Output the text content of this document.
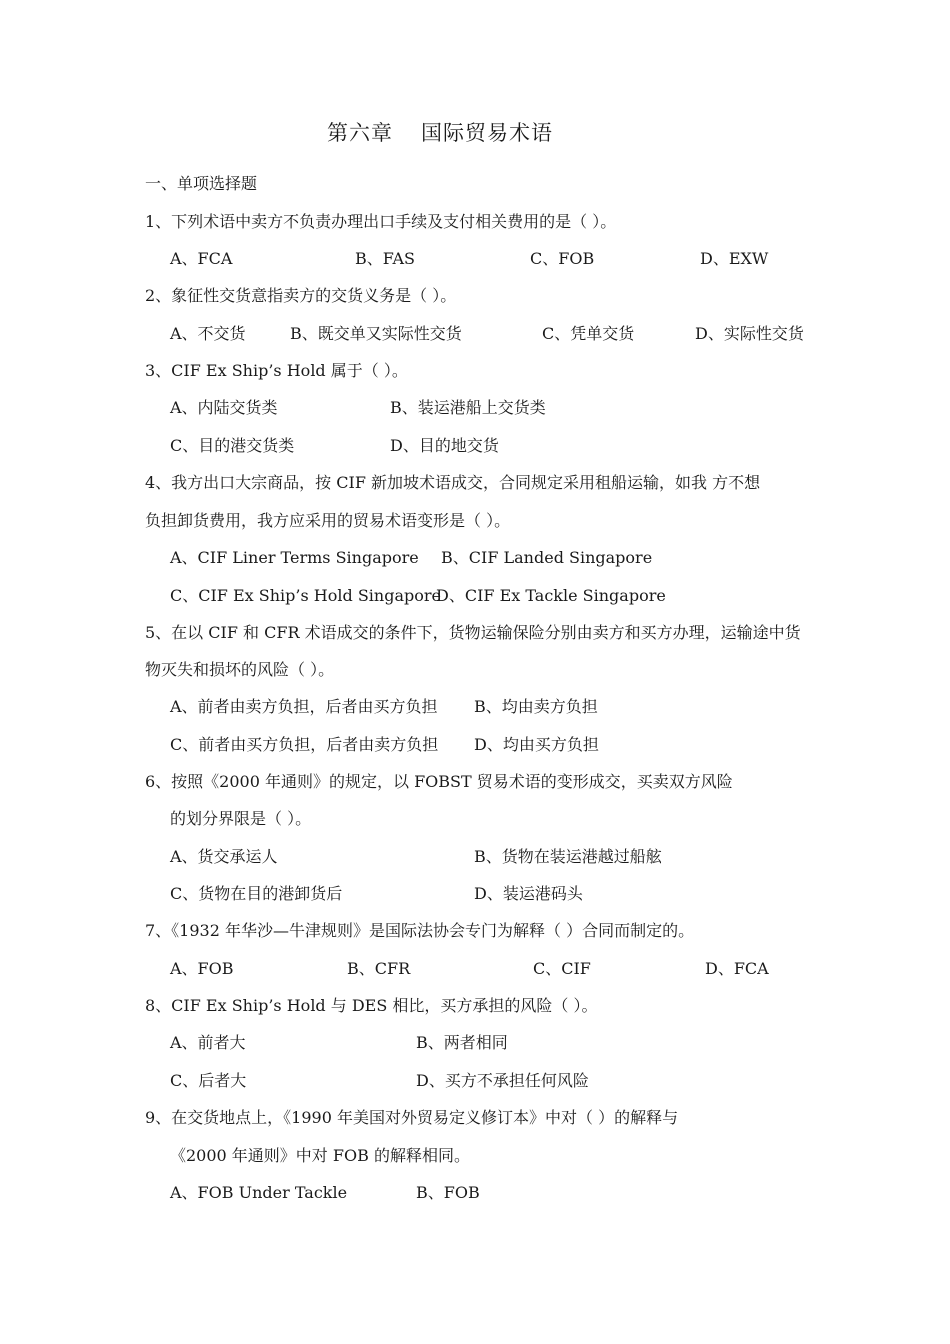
第六章 国际贸易术语
一、单项选择题
1、下列术语中卖方不负责办理出口手续及支付相关费用的是（ ）。
A、FCA	B、FAS	C、FOB	D、EXW
2、象征性交货意指卖方的交货义务是（ ）。
A、不交货	B、既交单又实际性交货	C、凭单交货	D、实际性交货
3、CIF Ex Ship’s Hold 属于（ ）。
A、内陆交货类	B、装运港船上交货类
C、目的港交货类	D、目的地交货
4、我方出口大宗商品，按 CIF 新加坡术语成交，合同规定采用租船运输，如我 方不想
负担卸货费用，我方应采用的贸易术语变形是（ ）。
A、CIF Liner Terms Singapore B、CIF Landed Singapore
C、CIF Ex Ship’s Hold Singapore
D、CIF Ex Tackle Singapore
5、在以 CIF 和 CFR 术语成交的条件下，货物运输保险分别由卖方和买方办理，运输途中货
物灭失和损坏的风险（ ）。
A、前者由卖方负担，后者由买方负担 B、均由卖方负担
C、前者由买方负担，后者由卖方负担 D、均由买方负担
6、按照《2000 年通则》的规定，以 FOBST 贸易术语的变形成交，买卖双方风险
的划分界限是（ ）。
A、货交承运人	B、货物在装运港越过船舷
C、货物在目的港卸货后	D、装运港码头
7、《1932 年华沙—牛津规则》是国际法协会专门为解释（ ）合同而制定的。
A、FOB	B、CFR	C、CIF	D、FCA
8、CIF Ex Ship’s Hold 与 DES 相比，买方承担的风险（ ）。
A、前者大	B、两者相同
C、后者大	D、买方不承担任何风险
9、在交货地点上，《1990 年美国对外贸易定义修订本》中对（ ）的解释与
《2000 年通则》中对 FOB 的解释相同。
A、FOB Under Tackle	B、FOB
